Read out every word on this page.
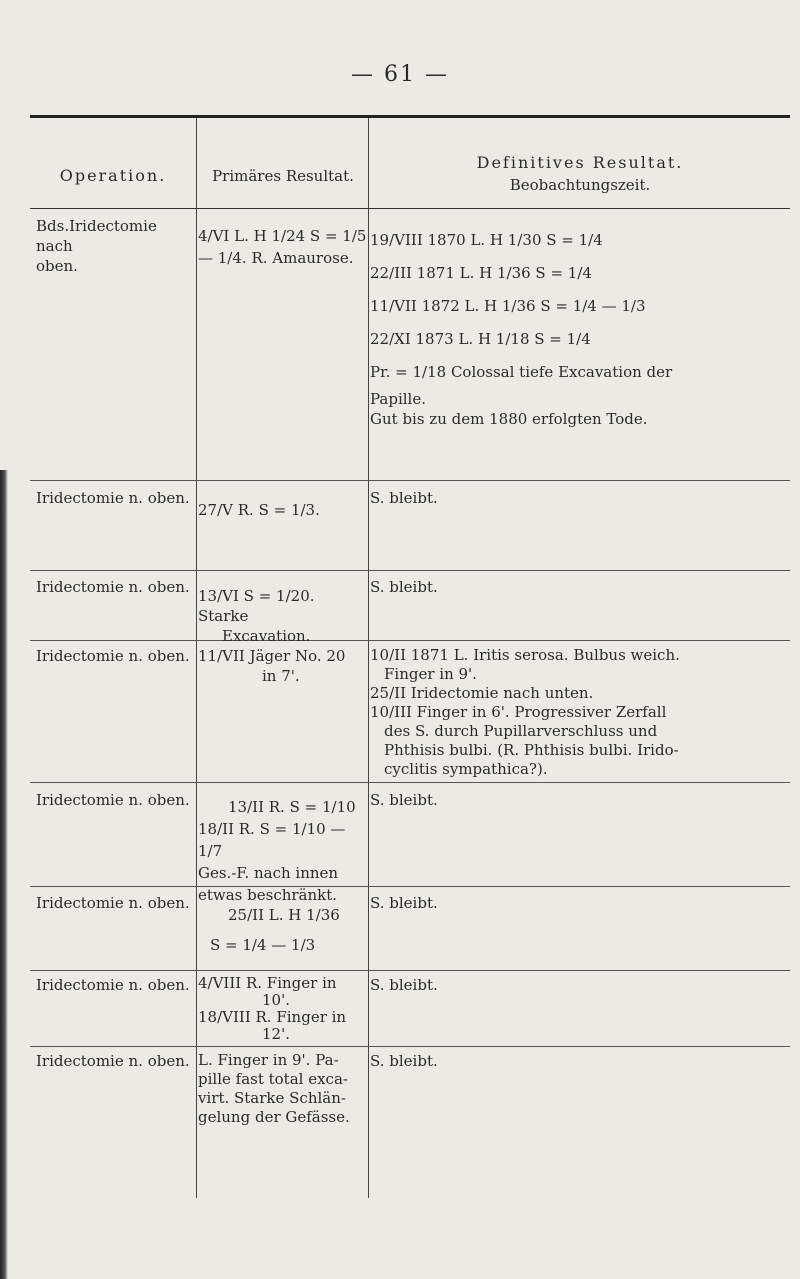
— 61 —
Operation.	Primäres Resultat.
Definitives Resultat.
Beobachtungszeit.
Bds.Iridectomie nach
oben.
4/VI L. H 1/24 S = 1/5
— 1/4. R. Amaurose.
19/VIII 1870 L. H 1/30 S = 1/4
22/III 1871 L. H 1/36 S = 1/4
11/VII 1872 L. H 1/36 S = 1/4 — 1/3
22/XI 1873 L. H 1/18 S = 1/4
Pr. = 1/18 Colossal tiefe Excavation der
Papille.
Gut bis zu dem 1880 erfolgten Tode.
Iridectomie n. oben.
27/V R. S = 1/3.
S. bleibt.
Iridectomie n. oben. 13/VI S = 1/20. Starke
Excavation.
S. bleibt.
Iridectomie n. oben. 11/VII Jäger No. 20
in 7'.
10/II 1871 L. Iritis serosa. Bulbus weich.
Finger in 9'.
25/II Iridectomie nach unten.
10/III Finger in 6'. Progressiver Zerfall
des S. durch Pupillarverschluss und
Phthisis bulbi. (R. Phthisis bulbi. Irido-
cyclitis sympathica?).
Iridectomie n. oben.	13/II R. S = 1/10
18/II R. S = 1/10 — 1/7
Ges.-F. nach innen
etwas beschränkt.
S. bleibt.
Iridectomie n. oben.
25/II L. H 1/36
S = 1/4 — 1/3
S. bleibt.
Iridectomie n. oben. 4/VIII R. Finger in
10'.
18/VIII R. Finger in
12'.
S. bleibt.
Iridectomie n. oben. L. Finger in 9'. Pa-
pille fast total exca-
virt. Starke Schlän-
gelung der Gefässe.
S. bleibt.
